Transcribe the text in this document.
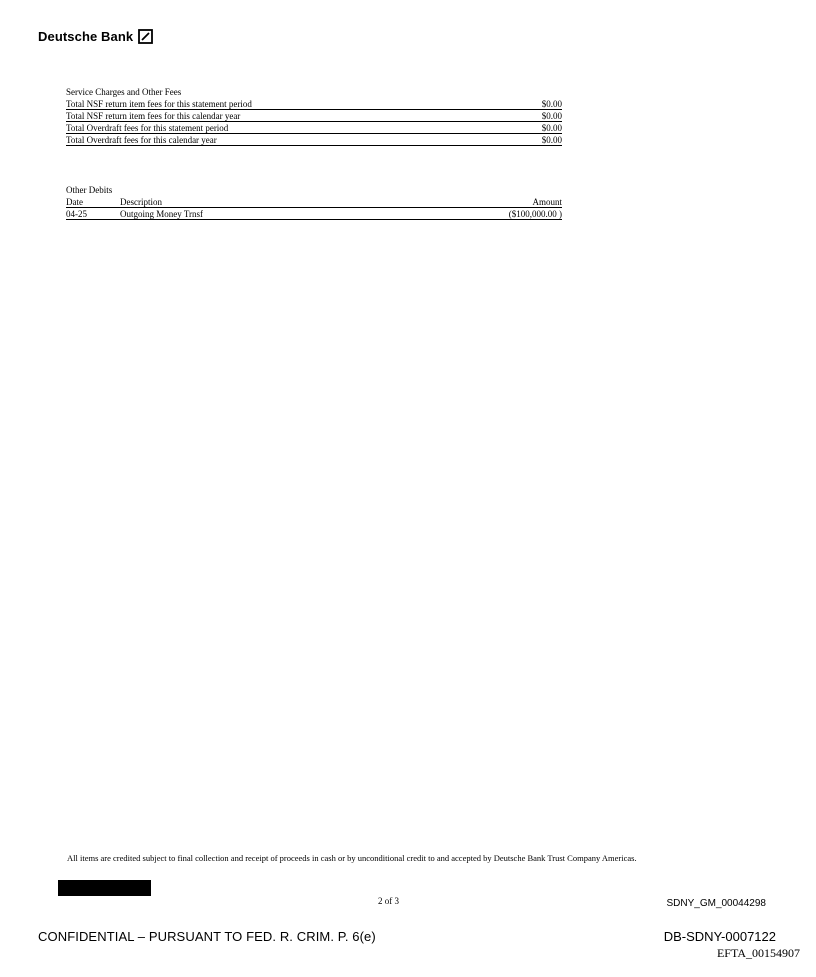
Deutsche Bank
Service Charges and Other Fees
Total NSF return item fees for this statement period	$0.00
Total NSF return item fees for this calendar year	$0.00
Total Overdraft fees for this statement period	$0.00
Total Overdraft fees for this calendar year	$0.00
Other Debits
Date	Description	Amount
04-25	Outgoing Money Trnsf	($100,000.00 )
All items are credited subject to final collection and receipt of proceeds in cash or by unconditional credit to and accepted by Deutsche Bank Trust Company Americas.
2 of 3	SDNY_GM_00044298
CONFIDENTIAL – PURSUANT TO FED. R. CRIM. P. 6(e)	DB-SDNY-0007122
EFTA_00154907
